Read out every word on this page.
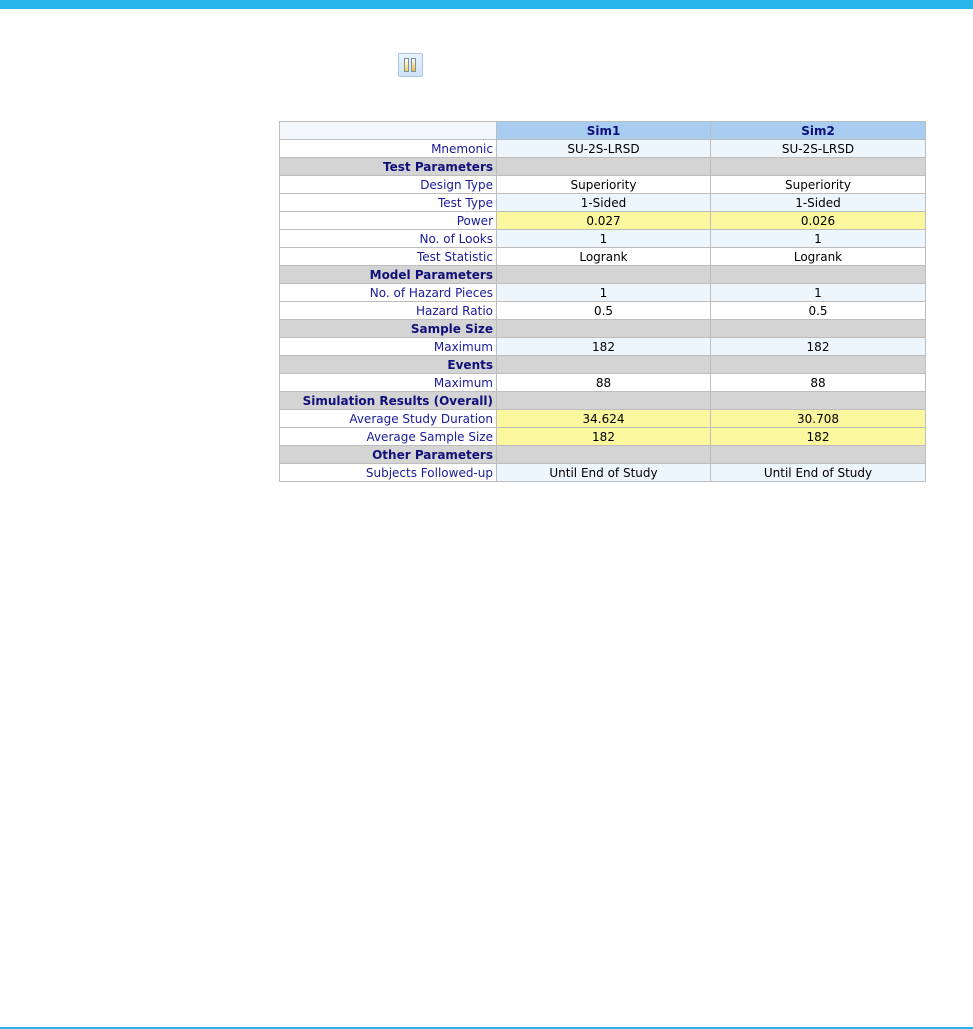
	Sim1	Sim2
Mnemonic	SU-2S-LRSD	SU-2S-LRSD
Test Parameters		
Design Type	Superiority	Superiority
Test Type	1-Sided	1-Sided
Power	0.027	0.026
No. of Looks	1	1
Test Statistic	Logrank	Logrank
Model Parameters		
No. of Hazard Pieces	1	1
Hazard Ratio	0.5	0.5
Sample Size		
Maximum	182	182
Events		
Maximum	88	88
Simulation Results (Overall)		
Average Study Duration	34.624	30.708
Average Sample Size	182	182
Other Parameters		
Subjects Followed-up	Until End of Study	Until End of Study
